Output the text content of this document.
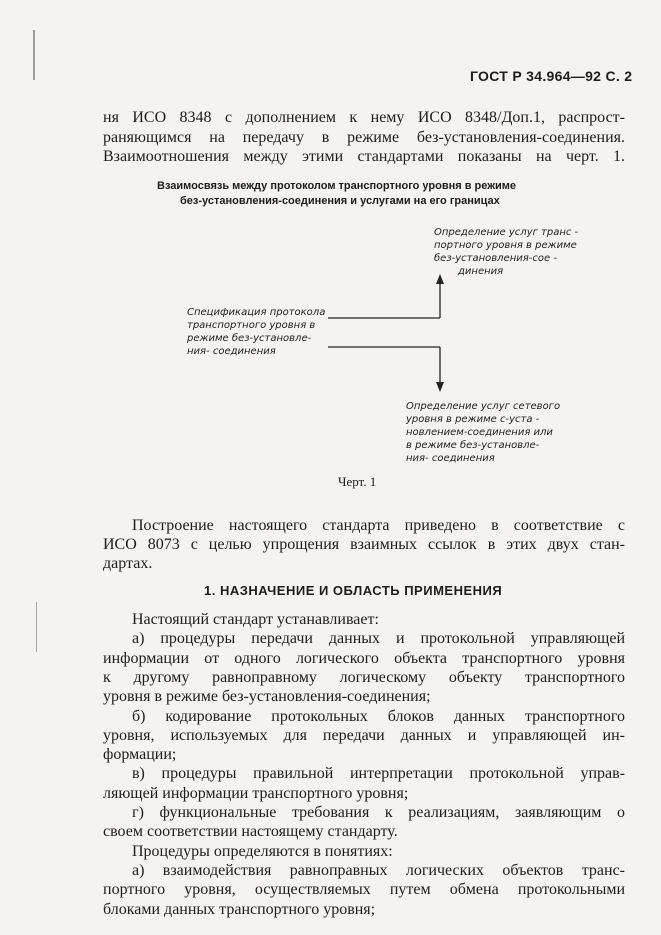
ГОСТ Р 34.964—92 С. 2
ня ИСО 8348 с дополнением к нему ИСО 8348/Доп.1, распрост-
раняющимся на передачу в режиме без-установления-соединения.
Взаимоотношения между этими стандартами показаны на черт. 1.
Взаимосвязь между протоколом транспортного уровня в режиме
без-установления-соединения и услугами на его границах
Определение услуг транс -
портного уровня в режиме
без-установления-сое -
динения
Спецификация протокола
транспортного уровня в
режиме без-установле-
ния- соединения
Определение услуг сетевого
уровня в режиме с-уста -
новлением-соединения или
в режиме без-установле-
ния- соединения
Черт. 1
Построение настоящего стандарта приведено в соответствие с
ИСО 8073 с целью упрощения взаимных ссылок в этих двух стан-
дартах.
1. НАЗНАЧЕНИЕ И ОБЛАСТЬ ПРИМЕНЕНИЯ
Настоящий стандарт устанавливает:
а) процедуры передачи данных и протокольной управляющей
информации от одного логического объекта транспортного уровня
к другому равноправному логическому объекту транспортного
уровня в режиме без-установления-соединения;
б) кодирование протокольных блоков данных транспортного
уровня, используемых для передачи данных и управляющей ин-
формации;
в) процедуры правильной интерпретации протокольной управ-
ляющей информации транспортного уровня;
г) функциональные требования к реализациям, заявляющим о
своем соответствии настоящему стандарту.
Процедуры определяются в понятиях:
а) взаимодействия равноправных логических объектов транс-
портного уровня, осуществляемых путем обмена протокольными
блоками данных транспортного уровня;
